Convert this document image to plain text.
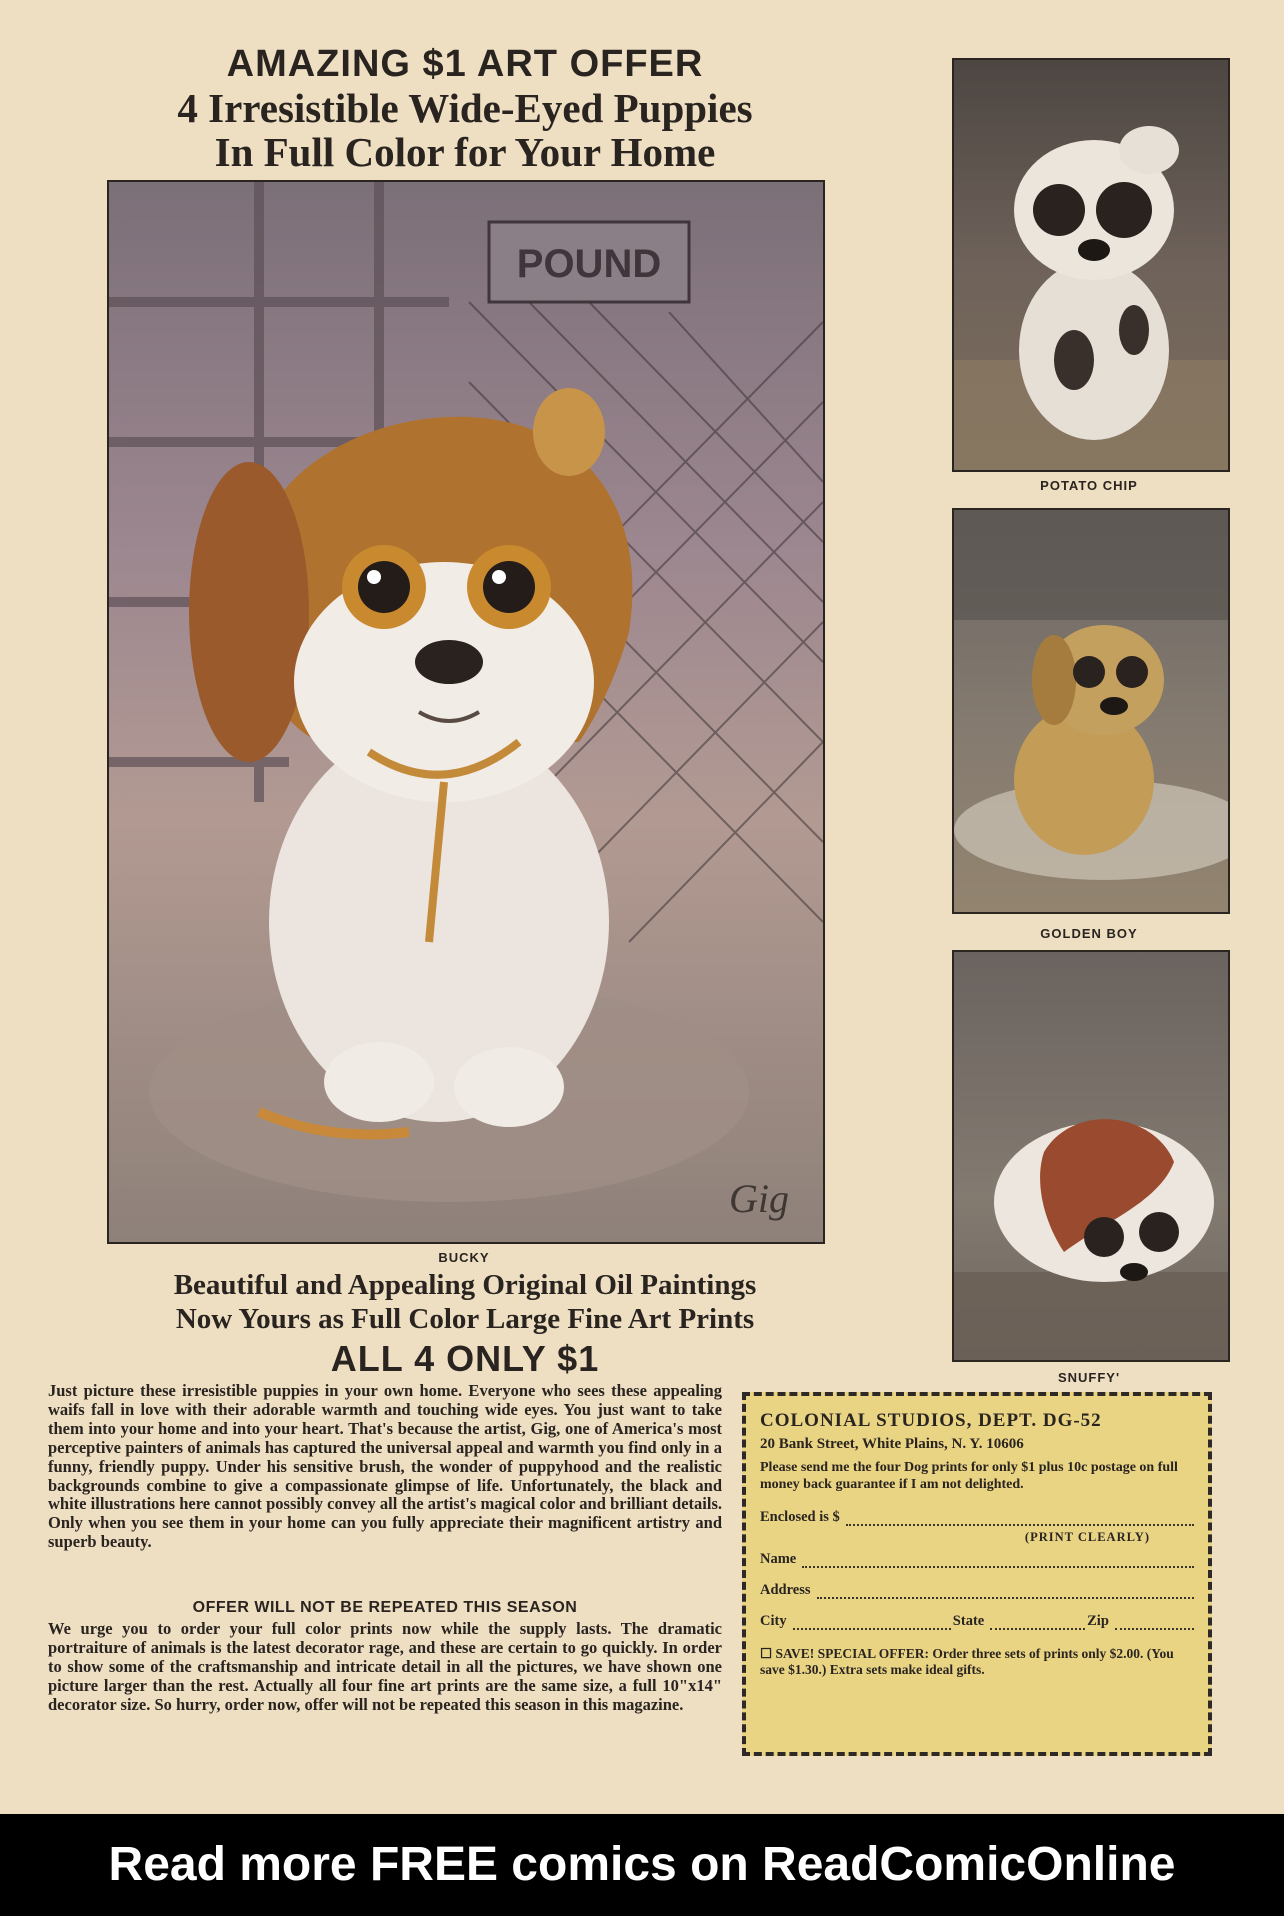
AMAZING $1 ART OFFER
4 Irresistible Wide-Eyed Puppies
In Full Color for Your Home
POUND
Gig
BUCKY
POTATO CHIP
GOLDEN BOY
SNUFFY'
Beautiful and Appealing Original Oil Paintings
Now Yours as Full Color Large Fine Art Prints
ALL 4 ONLY $1
Just picture these irresistible puppies in your own home. Everyone who sees these appealing waifs fall in love with their adorable warmth and touching wide eyes. You just want to take them into your home and into your heart. That's because the artist, Gig, one of America's most perceptive painters of animals has captured the universal appeal and warmth you find only in a funny, friendly puppy. Under his sensitive brush, the wonder of puppyhood and the realistic backgrounds combine to give a compassionate glimpse of life. Unfortunately, the black and white illustrations here cannot possibly convey all the artist's magical color and brilliant details. Only when you see them in your home can you fully appreciate their magnificent artistry and superb beauty.
OFFER WILL NOT BE REPEATED THIS SEASON
We urge you to order your full color prints now while the supply lasts. The dramatic portraiture of animals is the latest decorator rage, and these are certain to go quickly. In order to show some of the craftsmanship and intricate detail in all the pictures, we have shown one picture larger than the rest. Actually all four fine art prints are the same size, a full 10"x14" decorator size. So hurry, order now, offer will not be repeated this season in this magazine.
COLONIAL STUDIOS, DEPT. DG-52
20 Bank Street, White Plains, N. Y. 10606
Please send me the four Dog prints for only $1 plus 10c postage on full money back guarantee if I am not delighted.
Enclosed is $
(PRINT CLEARLY)
Name
Address
City	State	Zip
☐ SAVE! SPECIAL OFFER: Order three sets of prints only $2.00. (You save $1.30.) Extra sets make ideal gifts.
Read more FREE comics on ReadComicOnline
